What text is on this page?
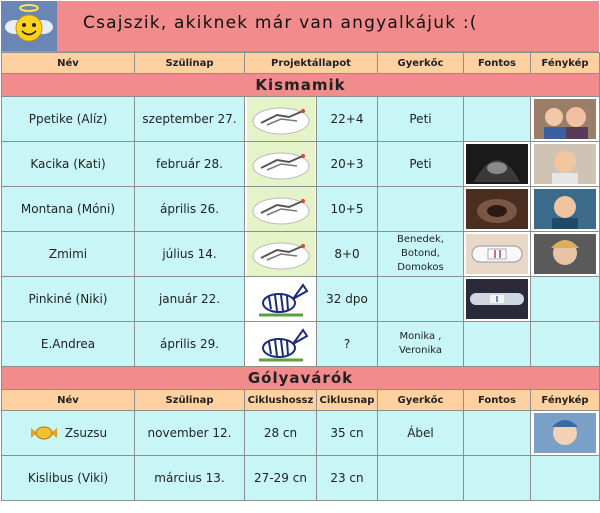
Csajszik, akiknek már van angyalkájuk :(
Név	Szülinap	Projektállapot		Gyerkőc	Fontos	Fénykép
Kismamik						
Ppetike (Alíz)	szeptember 27.		22+4	Peti		

Kacika (Kati)	február 28.		20+3	Peti	

Montana (Móni)	április 26.		10+5		

Zmimi	július 14.		8+0	Benedek, Botond, Domokos	

Pinkiné (Niki)	január 22.		32 dpo		

E.Andrea	április 29.		?	Monika , Veronika		
Gólyavárók						
Név	Szülinap	Ciklushossz	Ciklusnap	Gyerkőc	Fontos	Fénykép
Zsuzsu	november 12.	28 cn	35 cn	Ábel		

Kislibus (Viki)	március 13.	27-29 cn	23 cn			
